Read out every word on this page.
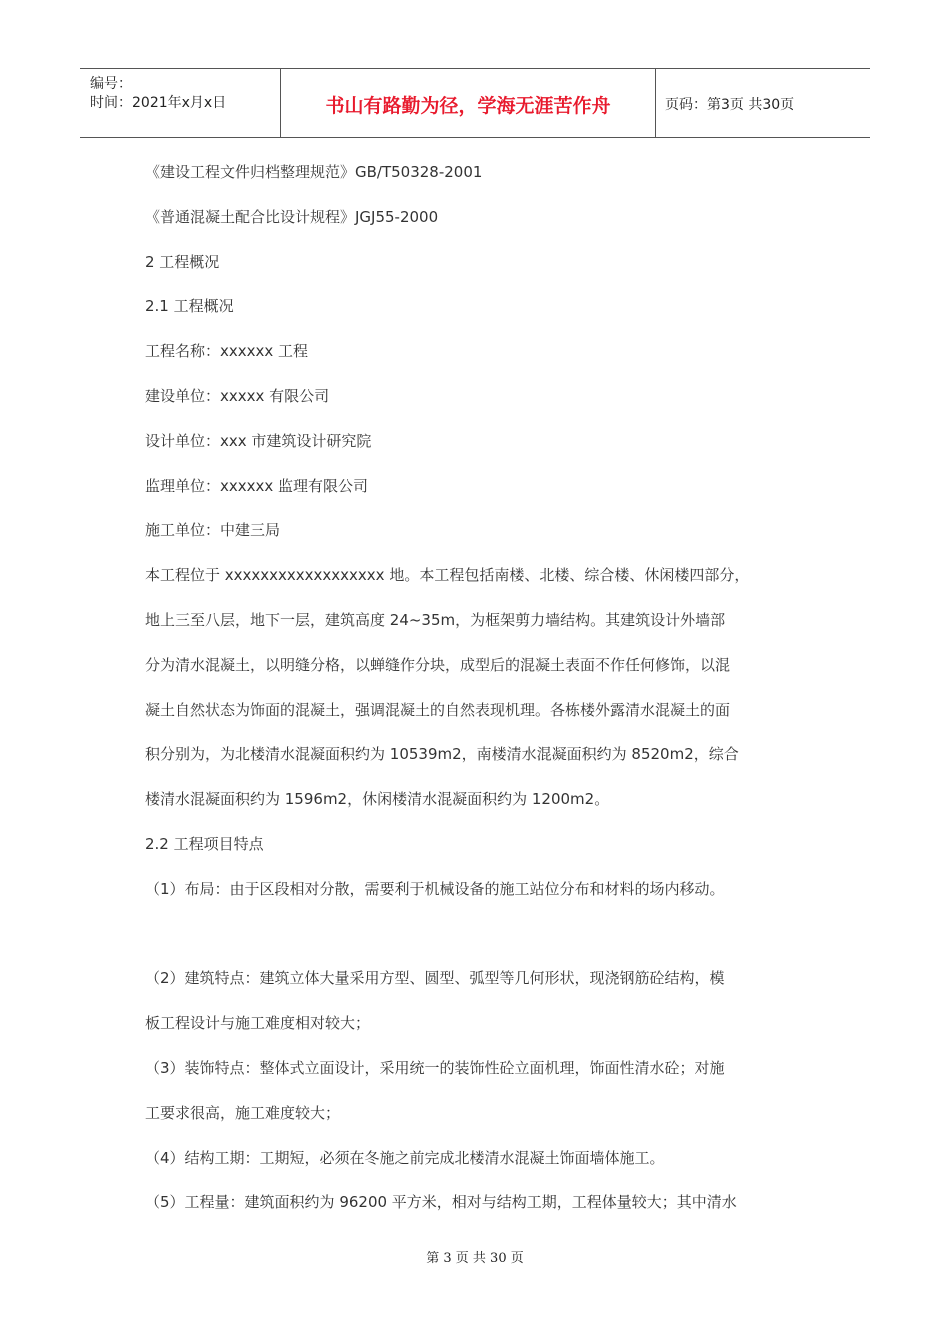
编号：
时间：2021年x月x日	书山有路勤为径，学海无涯苦作舟	页码：第3页 共30页
《建设工程文件归档整理规范》GB/T50328-2001
《普通混凝土配合比设计规程》JGJ55-2000
2 工程概况
2.1 工程概况
工程名称：xxxxxx 工程
建设单位：xxxxx 有限公司
设计单位：xxx 市建筑设计研究院
监理单位：xxxxxx 监理有限公司
施工单位：中建三局
本工程位于 xxxxxxxxxxxxxxxxxx 地。本工程包括南楼、北楼、综合楼、休闲楼四部分，
地上三至八层，地下一层，建筑高度 24~35m，为框架剪力墙结构。其建筑设计外墙部
分为清水混凝土，以明缝分格，以蝉缝作分块，成型后的混凝土表面不作任何修饰，以混
凝土自然状态为饰面的混凝土，强调混凝土的自然表现机理。各栋楼外露清水混凝土的面
积分别为，为北楼清水混凝面积约为 10539m2，南楼清水混凝面积约为 8520m2，综合
楼清水混凝面积约为 1596m2，休闲楼清水混凝面积约为 1200m2。
2.2 工程项目特点
（1）布局：由于区段相对分散，需要利于机械设备的施工站位分布和材料的场内移动。
（2）建筑特点：建筑立体大量采用方型、圆型、弧型等几何形状，现浇钢筋砼结构，模
板工程设计与施工难度相对较大；
（3）装饰特点：整体式立面设计，采用统一的装饰性砼立面机理，饰面性清水砼；对施
工要求很高，施工难度较大；
（4）结构工期：工期短，必须在冬施之前完成北楼清水混凝土饰面墙体施工。
（5）工程量：建筑面积约为 96200 平方米，相对与结构工期，工程体量较大；其中清水
第 3 页 共 30 页
